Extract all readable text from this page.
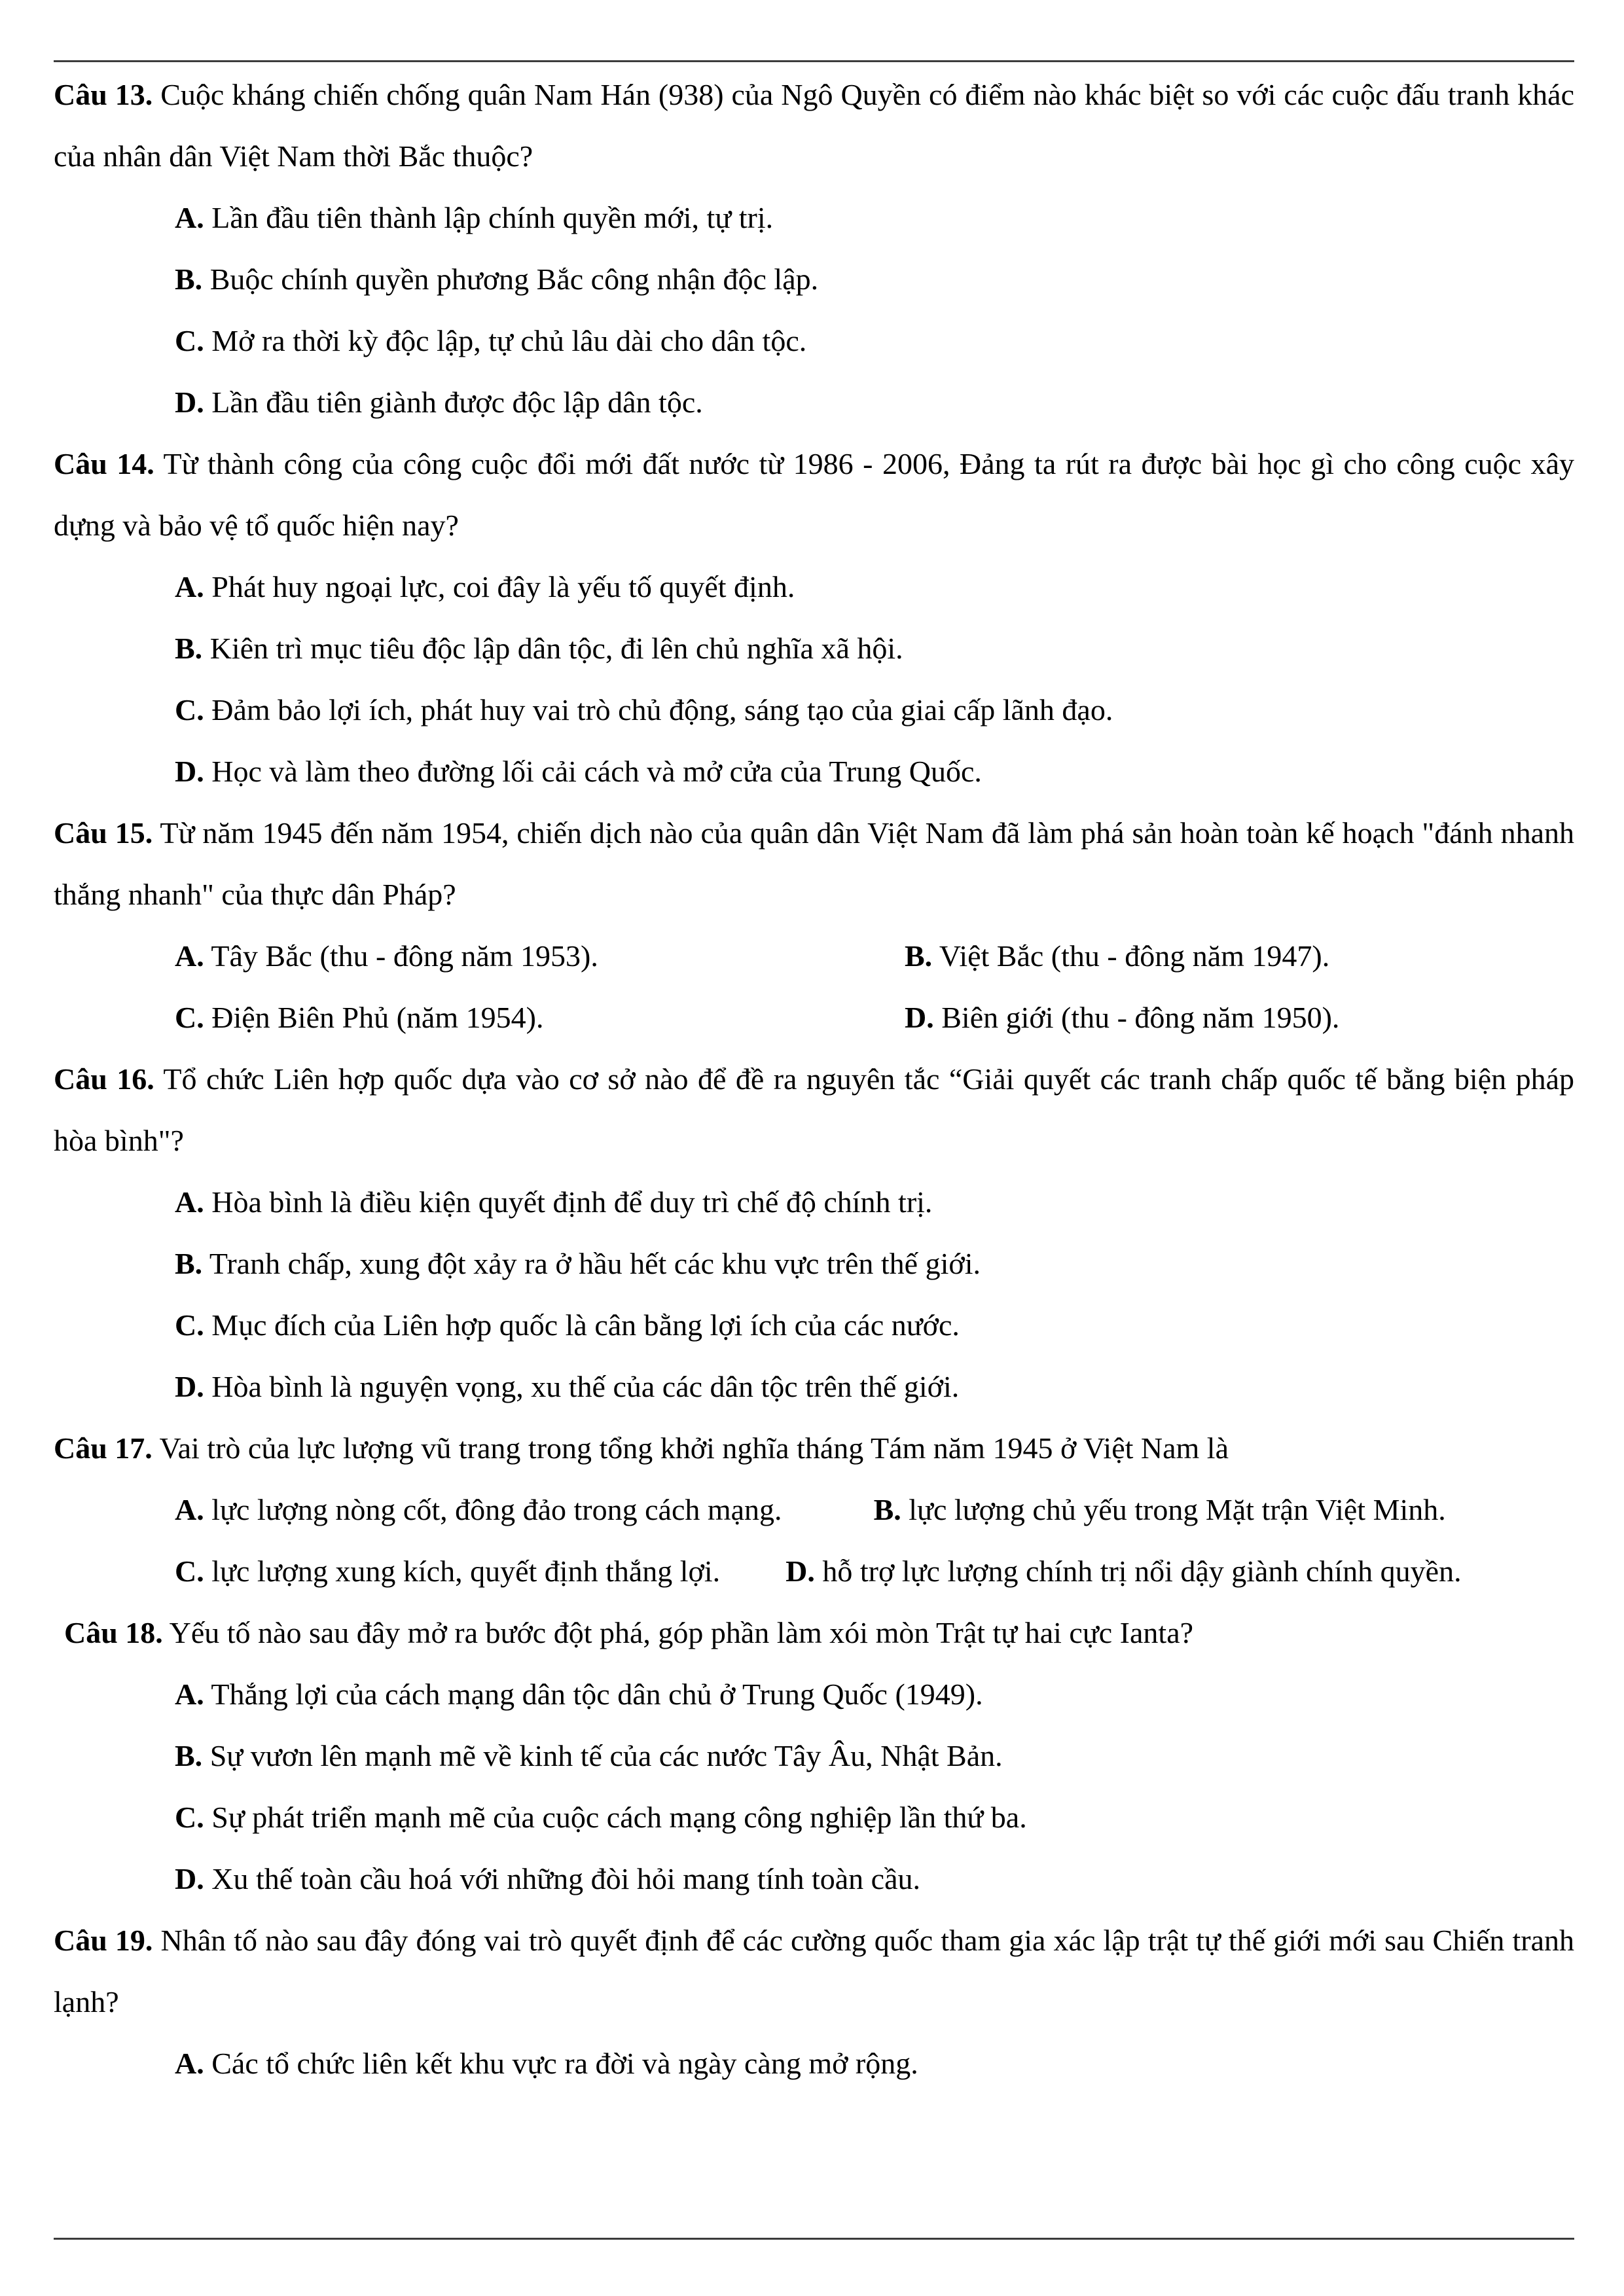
Câu 13. Cuộc kháng chiến chống quân Nam Hán (938) của Ngô Quyền có điểm nào khác biệt so với các cuộc đấu tranh khác của nhân dân Việt Nam thời Bắc thuộc?

A. Lần đầu tiên thành lập chính quyền mới, tự trị.

B. Buộc chính quyền phương Bắc công nhận độc lập.

C. Mở ra thời kỳ độc lập, tự chủ lâu dài cho dân tộc.

D. Lần đầu tiên giành được độc lập dân tộc.

Câu 14. Từ thành công của công cuộc đổi mới đất nước từ 1986 - 2006, Đảng ta rút ra được bài học gì cho công cuộc xây dựng và bảo vệ tổ quốc hiện nay?

A. Phát huy ngoại lực, coi đây là yếu tố quyết định.

B. Kiên trì mục tiêu độc lập dân tộc, đi lên chủ nghĩa xã hội.

C. Đảm bảo lợi ích, phát huy vai trò chủ động, sáng tạo của giai cấp lãnh đạo.

D. Học và làm theo đường lối cải cách và mở cửa của Trung Quốc.

Câu 15. Từ năm 1945 đến năm 1954, chiến dịch nào của quân dân Việt Nam đã làm phá sản hoàn toàn kế hoạch "đánh nhanh thắng nhanh" của thực dân Pháp?

A. Tây Bắc (thu - đông năm 1953).	B. Việt Bắc (thu - đông năm 1947).

C. Điện Biên Phủ (năm 1954).	D. Biên giới (thu - đông năm 1950).

Câu 16. Tổ chức Liên hợp quốc dựa vào cơ sở nào để đề ra nguyên tắc “Giải quyết các tranh chấp quốc tế bằng biện pháp hòa bình"?

A. Hòa bình là điều kiện quyết định để duy trì chế độ chính trị.

B. Tranh chấp, xung đột xảy ra ở hầu hết các khu vực trên thế giới.

C. Mục đích của Liên hợp quốc là cân bằng lợi ích của các nước.

D. Hòa bình là nguyện vọng, xu thế của các dân tộc trên thế giới.

Câu 17. Vai trò của lực lượng vũ trang trong tổng khởi nghĩa tháng Tám năm 1945 ở Việt Nam là

A. lực lượng nòng cốt, đông đảo trong cách mạng.	B. lực lượng chủ yếu trong Mặt trận Việt Minh.

C. lực lượng xung kích, quyết định thắng lợi. D. hỗ trợ lực lượng chính trị nổi dậy giành chính quyền.

Câu 18. Yếu tố nào sau đây mở ra bước đột phá, góp phần làm xói mòn Trật tự hai cực Ianta?

A. Thắng lợi của cách mạng dân tộc dân chủ ở Trung Quốc (1949).

B. Sự vươn lên mạnh mẽ về kinh tế của các nước Tây Âu, Nhật Bản.

C. Sự phát triển mạnh mẽ của cuộc cách mạng công nghiệp lần thứ ba.

D. Xu thế toàn cầu hoá với những đòi hỏi mang tính toàn cầu.

Câu 19. Nhân tố nào sau đây đóng vai trò quyết định để các cường quốc tham gia xác lập trật tự thế giới mới sau Chiến tranh lạnh?

A. Các tổ chức liên kết khu vực ra đời và ngày càng mở rộng.
